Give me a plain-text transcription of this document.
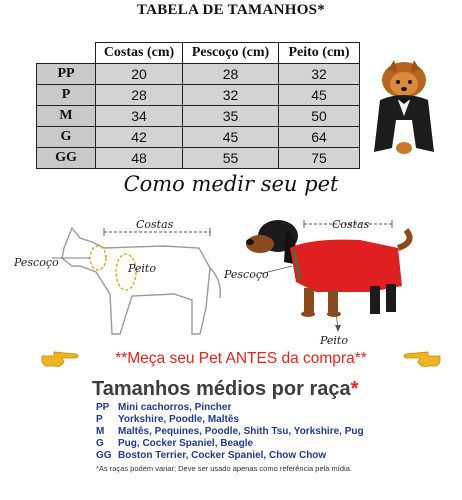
TABELA DE TAMANHOS*
	Costas (cm)	Pescoço (cm)	Peito (cm)
PP	20	28	32
P	28	32	45
M	34	35	50
G	42	45	64
GG	48	55	75
Como medir seu pet
Costas
Pescoço	Peito
Costas
Pescoço
Peito
**Meça seu Pet ANTES da compra**
Tamanhos médios por raça*
PP Mini cachorros, Pincher
P	Yorkshire, Poodle, Maltês
M	Maltês, Pequines, Poodle, Shith Tsu, Yorkshire, Pug
G	Pug, Cocker Spaniel, Beagle
GG Boston Terrier, Cocker Spaniel, Chow Chow
*As raças podem variar; Deve ser usado apenas como referência pela mídia.
